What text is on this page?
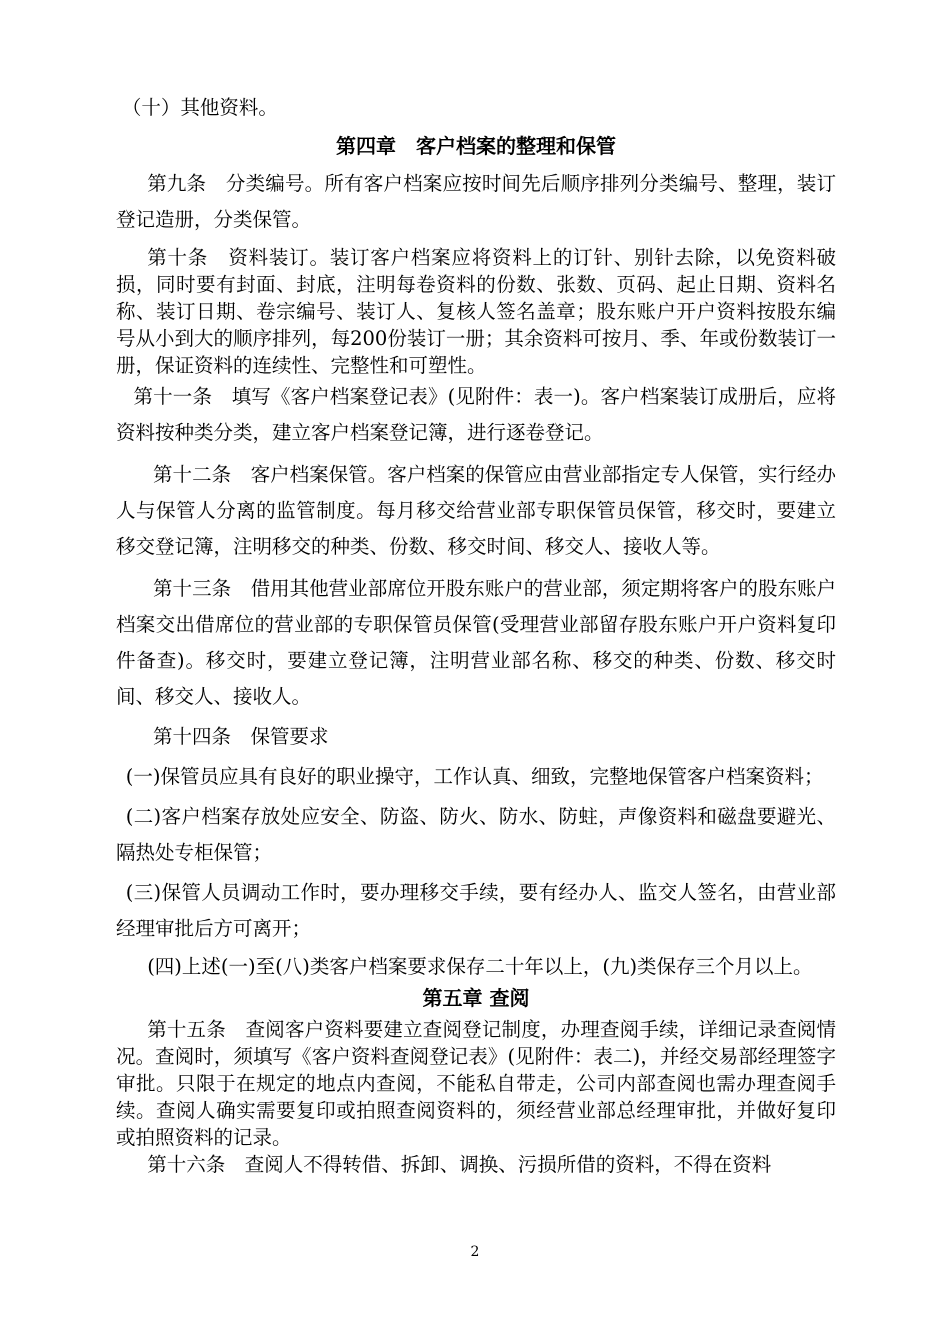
（十）其他资料。

第四章　客户档案的整理和保管

第九条　分类编号。所有客户档案应按时间先后顺序排列分类编号、整理，装订登记造册，分类保管。

第十条　资料装订。装订客户档案应将资料上的订针、别针去除，以免资料破损，同时要有封面、封底，注明每卷资料的份数、张数、页码、起止日期、资料名称、装订日期、卷宗编号、装订人、复核人签名盖章；股东账户开户资料按股东编号从小到大的顺序排列，每200份装订一册；其余资料可按月、季、年或份数装订一册，保证资料的连续性、完整性和可塑性。

第十一条　填写《客户档案登记表》(见附件：表一)。客户档案装订成册后，应将资料按种类分类，建立客户档案登记簿，进行逐卷登记。

第十二条　客户档案保管。客户档案的保管应由营业部指定专人保管，实行经办人与保管人分离的监管制度。每月移交给营业部专职保管员保管，移交时，要建立移交登记簿，注明移交的种类、份数、移交时间、移交人、接收人等。

第十三条　借用其他营业部席位开股东账户的营业部，须定期将客户的股东账户档案交出借席位的营业部的专职保管员保管(受理营业部留存股东账户开户资料复印件备查)。移交时，要建立登记簿，注明营业部名称、移交的种类、份数、移交时间、移交人、接收人。

第十四条　保管要求

(一)保管员应具有良好的职业操守，工作认真、细致，完整地保管客户档案资料；

(二)客户档案存放处应安全、防盗、防火、防水、防蛀，声像资料和磁盘要避光、隔热处专柜保管；

(三)保管人员调动工作时，要办理移交手续，要有经办人、监交人签名，由营业部经理审批后方可离开；

(四)上述(一)至(八)类客户档案要求保存二十年以上，(九)类保存三个月以上。

第五章 查阅

第十五条　查阅客户资料要建立查阅登记制度，办理查阅手续，详细记录查阅情况。查阅时，须填写《客户资料查阅登记表》(见附件：表二)，并经交易部经理签字审批。只限于在规定的地点内查阅，不能私自带走，公司内部查阅也需办理查阅手续。查阅人确实需要复印或拍照查阅资料的，须经营业部总经理审批，并做好复印或拍照资料的记录。

第十六条　查阅人不得转借、拆卸、调换、污损所借的资料，不得在资料

2
